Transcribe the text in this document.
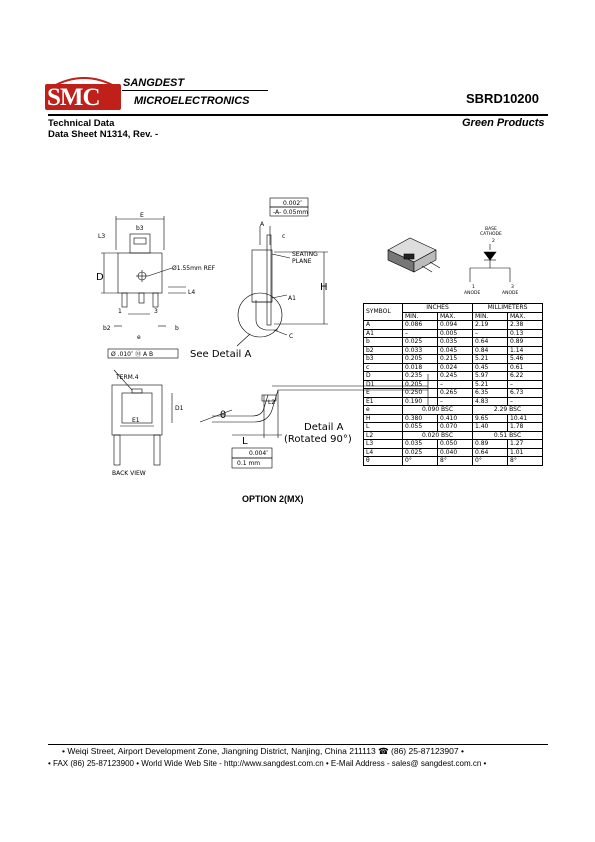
SMC
SANGDEST
MICROELECTRONICS	SBRD10200
Technical Data
Data Sheet N1314, Rev. -
Green Products
E
b3
L3
D
Ø1.55mm REF
L4
1	3
b2	b
e
Ø .010″ Ⓜ A B
TERM.4
E1
D1
BACK VIEW
0.002″
-A- 0.05mm
A
c
SEATING
PLANE
H
A1
C
See Detail A
θ
L2
L
Detail A
(Rotated 90°)
0.004″
0.1 mm
BASE
CATHODE
2
1	3
ANODE	ANODE
SYMBOL	INCHES		MILLIMETERS	
	MIN.	MAX.	MIN.	MAX.
A	0.086	0.094	2.19	2.38
A1	–	0.005	–	0.13
b	0.025	0.035	0.64	0.89
b2	0.033	0.045	0.84	1.14
b3	0.205	0.215	5.21	5.46
c	0.018	0.024	0.45	0.61
D	0.235	0.245	5.97	6.22
D1	0.205	–	5.21	–
E	0.250	0.265	6.35	6.73
E1	0.190	–	4.83	–
e	0.090 BSC		2.29 BSC	
H	0.380	0.410	9.65	10.41
L	0.055	0.070	1.40	1.78
L2	0.020 BSC		0.51 BSC	
L3	0.035	0.050	0.89	1.27
L4	0.025	0.040	0.64	1.01
θ	0°	8°	0°	8°
OPTION 2(MX)
• Weiqi Street, Airport Development Zone, Jiangning District, Nanjing, China 211113 ☎ (86) 25-87123907 •
• FAX (86) 25-87123900 • World Wide Web Site - http://www.sangdest.com.cn • E-Mail Address - sales@ sangdest.com.cn •
